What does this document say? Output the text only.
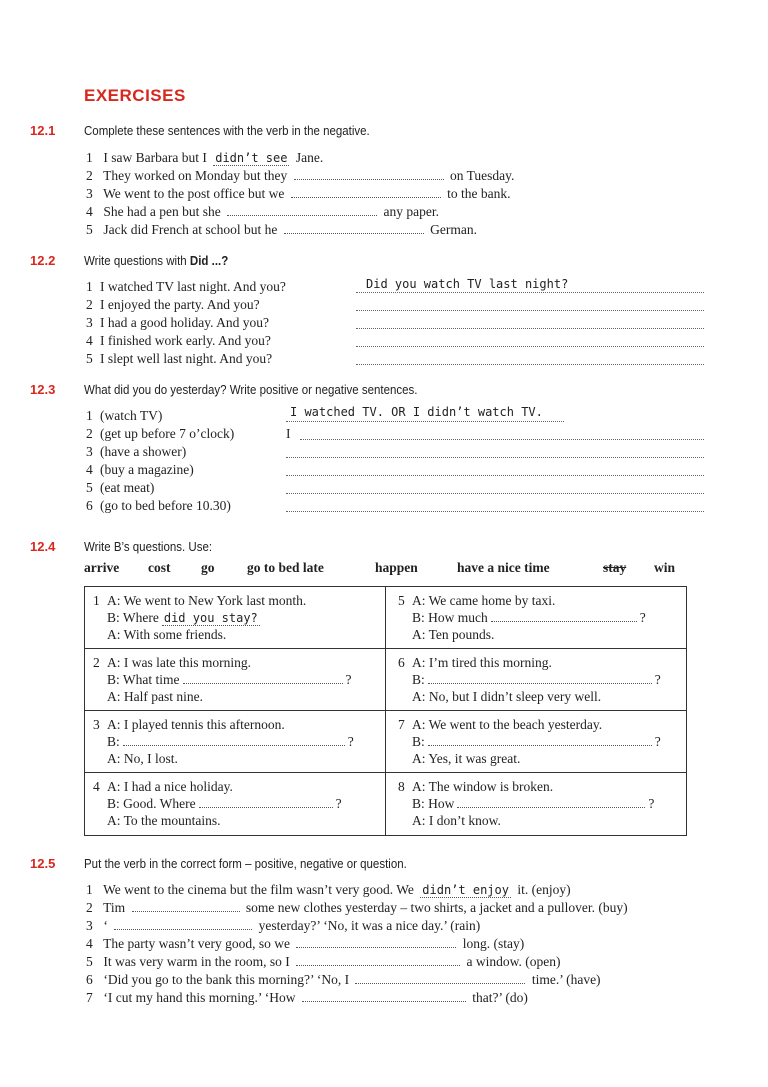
EXERCISES
12.1 Complete these sentences with the verb in the negative.
1 I saw Barbara but I didn’t see Jane.
2 They worked on Monday but they	on Tuesday.
3 We went to the post office but we	to the bank.
4 She had a pen but she	any paper.
5 Jack did French at school but he	German.
12.2 Write questions with Did ...?
1 I watched TV last night. And you?	Did you watch TV last night?
2 I enjoyed the party. And you?
3 I had a good holiday. And you?
4 I finished work early. And you?
5 I slept well last night. And you?
12.3 What did you do yesterday? Write positive or negative sentences.
1 (watch TV)	I watched TV. OR I didn’t watch TV.
2 (get up before 7 o’clock)	I
3 (have a shower)
4 (buy a magazine)
5 (eat meat)
6 (go to bed before 10.30)
12.4 Write B’s questions. Use:
arrive cost go go to bed late	happen	have a nice time	stay win
1 A: We went to New York last month.
B: Where did you stay?
A: With some friends.
5 A: We came home by taxi.
B: How much	?
A: Ten pounds.
2 A: I was late this morning.
B: What time	?
A: Half past nine.
6 A: I’m tired this morning.
B:	?
A: No, but I didn’t sleep very well.
3 A: I played tennis this afternoon.
B:	?
A: No, I lost.
7 A: We went to the beach yesterday.
B:	?
A: Yes, it was great.
4 A: I had a nice holiday.
B: Good. Where	?
A: To the mountains.
8 A: The window is broken.
B: How	?
A: I don’t know.
12.5 Put the verb in the correct form – positive, negative or question.
1 We went to the cinema but the film wasn’t very good. We didn’t enjoy it. (enjoy)
2 Tim	some new clothes yesterday – two shirts, a jacket and a pullover. (buy)
3 ‘	yesterday?’ ‘No, it was a nice day.’ (rain)
4 The party wasn’t very good, so we	long. (stay)
5 It was very warm in the room, so I	a window. (open)
6 ‘Did you go to the bank this morning?’ ‘No, I	time.’ (have)
7 ‘I cut my hand this morning.’ ‘How	that?’ (do)
